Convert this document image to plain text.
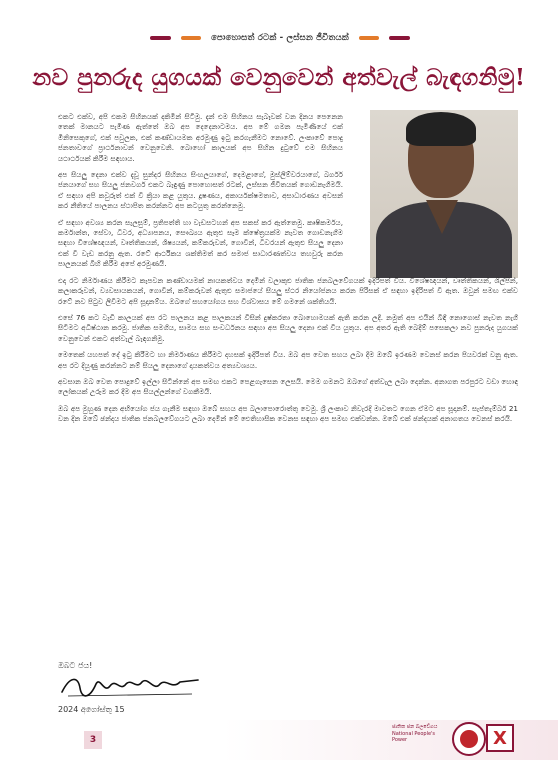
පොහොසත් රටක් - ලස්සන ජීවිතයක්
නව පුනරුද යුගයක් වෙනුවෙන් අත්වැල් බැඳගනිමු!

එකට එක්ව, අපි එකම සිහිනයක් දකිමින් සිටිමු. දැන් එම සිහිනය සැබෑවක් වන දිනය පෙනෙන තෙක් මානයට පැමිණ ඇත්තේ ඔබ අප දෙදෙනාටමය. අප මේ ගමන පැමිණියේ එක් මිනිසෙකුගේ, එක් පවුලක, එක් කණ්ඩායමක අරමුණු ඉටු කරගැනීමට නොවේ. ලංකාවේ පොදු ජනතාවගේ ප්‍රාර්ථනාවන් වෙනුවෙනි. බොහෝ කාලයක් අප සිහින දුටුවේ එම සිහිනය යථාර්ථයක් කිරීම සඳහාය.

අප සියලු දෙනා එක්ව දැවූ සුන්දර සිහිනය සිංහලයාගේ, දෙමළාගේ, මුස්ලිම්වරයාගේ, බර්ගර් ජනයාගේ සහ සියලු ජනවර්ග එකට බැඳුණු පොහොසත් රටක්, ලස්සන ජීවිතයක් ගොඩනැගීමයි. ඒ සඳහා අපි කවුරුත් එක් වී ක්‍රියා කළ යුතුය. දූෂණය, අකාර්යක්ෂමතාව, අසාධාරණය අවසන් කර නීතියේ පාලනය ස්ථාපිත කරන්නට අප කටයුතු කරන්නෙමු.

ඒ සඳහා අවශ්‍ය කරන සැලසුම්, ප්‍රතිපත්ති හා වැඩසටහන් අප සකස් කර ඇත්තෙමු. කෘෂිකර්මය, කර්මාන්ත, සේවා, ධීවර, අධ්‍යාපනය, සෞඛ්‍යය ඇතුළු සෑම ක්ෂේත්‍රයක්ම නැවත ගොඩනැගීම සඳහා විශේෂඥයන්, වෘත්තිකයන්, ශිෂ්‍යයන්, කම්කරුවන්, ගොවීන්, ධීවරයන් ඇතුළු සියලු දෙනා එක් වී වැඩ කරනු ඇත. රටේ ආර්ථිකය ශක්තිමත් කර සමාජ සාධාරණත්වය තහවුරු කරන පාලනයක් බිහි කිරීම අපේ අරමුණයි.

එදා රට නිර්මාණය කිරීමට කැපවන කණ්ඩායමක් නායකත්වය දෙමින් වලාකුළු ජාතික ජනබලවේගයක් ඉදිරිපත් විය. විශේෂඥයන්, වෘත්තිකයන්, ශිල්පීන්, කලාකරුවන්, ව්‍යවසායකයන්, ගොවීන්, කම්කරුවන් ඇතුළු සමාජයේ සියලු ස්ථර නියෝජනය කරන පිරිසක් ඒ සඳහා ඉදිරිපත් වී ඇත. ඔවුන් සමඟ එක්ව රටේ නව පිටුව ලිවීමට අපි සූදානම්ය. ඔබගේ සහයෝගය සහ විශ්වාසය මේ ගමනේ ශක්තියයි.

එසේ 76 කට වැඩි කාලයක් අප රට පාලනය කළ පාලකයන් විසින් දුෂ්කරතා බොහොමයක් ඇති කරන ලදී. නමුත් අප එයින් බිඳී නොගොස් නැවත නැගී සිටීමට අධිෂ්ඨාන කරමු. ජාතික සමගිය, සාමය සහ සංවර්ධනය සඳහා අප සියලු දෙනා එක් විය යුතුය. අප අතර ඇති බෙදීම් පසෙකලා නව පුනරුද යුගයක් වෙනුවෙන් එකට අත්වැල් බැඳගනිමු.

මෙතෙක් යහපත් දේ ඉටු කිරීමට හා නිර්මාණය කිරීමට දහසක් ඉදිරිපත් විය. ඔබ අප වෙත සහය ලබා දීම ඔබේ ඉරණම වෙනස් කරන පියවරක් වනු ඇත. අප රට දියුණු කරන්නට නම් සියලු දෙනාගේ දායකත්වය අත්‍යවශ්‍යය.

අවසාන ඔබ වෙත පොදුවේ ඉල්ලා සිටින්නේ අප සමඟ එකට පෙළගැසෙන ලෙසයි. මෙම ගමනට ඔබගේ අත්වැල ලබා දෙන්න. අනාගත පරපුරට වඩා හොඳ ලෝකයක් උරුම කර දීම අප සියල්ලන්ගේ වගකීමයි.

ඔබ අප මුහුණ දෙන අභියෝග ජය ගැනීම සඳහා ඔබේ සහය අප බලාපොරොත්තු වෙමු. ශ්‍රී ලංකාව නිවැරදි මාවතට ගෙන ඒමට අප සූදානම්. සැප්තැම්බර් 21 වන දින ඔබේ ඡන්දය ජාතික ජනබලවේගයට ලබා දෙමින් මේ ඓතිහාසික වෙනස සඳහා අප සමඟ එක්වන්න. ඔබේ එක් ඡන්දයක් අනාගතය වෙනස් කරයි.

ඔබට ජය!
2024 අගෝස්තු 15
3
ජාතික ජන බලවේගය National People's Power	X
